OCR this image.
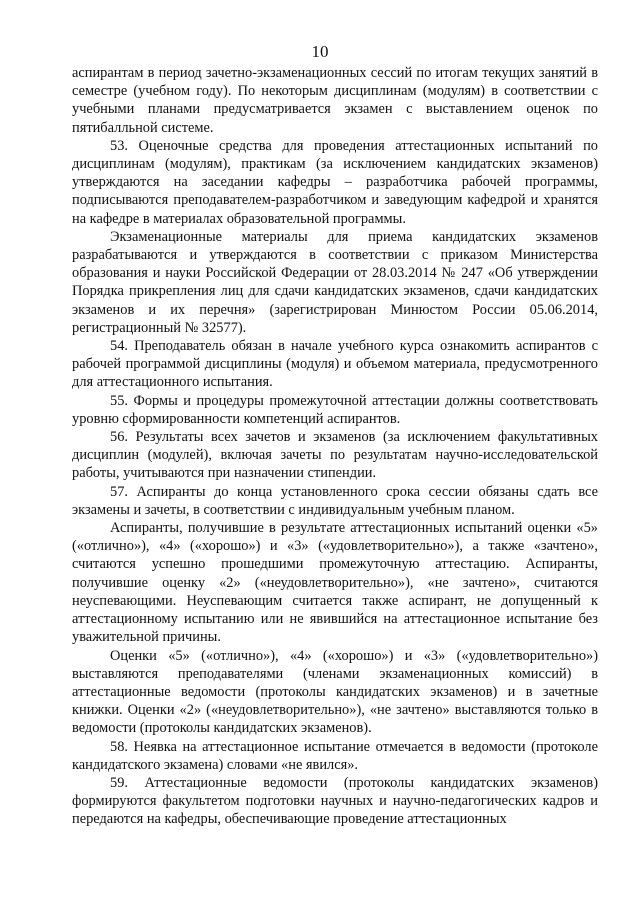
10

аспирантам в период зачетно-экзаменационных сессий по итогам текущих занятий в семестре (учебном году). По некоторым дисциплинам (модулям) в соответствии с учебными планами предусматривается экзамен с выставлением оценок по пятибалльной системе.

53. Оценочные средства для проведения аттестационных испытаний по дисциплинам (модулям), практикам (за исключением кандидатских экзаменов) утверждаются на заседании кафедры – разработчика рабочей программы, подписываются преподавателем-разработчиком и заведующим кафедрой и хранятся на кафедре в материалах образовательной программы.

Экзаменационные материалы для приема кандидатских экзаменов разрабатываются и утверждаются в соответствии с приказом Министерства образования и науки Российской Федерации от 28.03.2014 № 247 «Об утверждении Порядка прикрепления лиц для сдачи кандидатских экзаменов, сдачи кандидатских экзаменов и их перечня» (зарегистрирован Минюстом России 05.06.2014, регистрационный № 32577).

54. Преподаватель обязан в начале учебного курса ознакомить аспирантов с рабочей программой дисциплины (модуля) и объемом материала, предусмотренного для аттестационного испытания.

55. Формы и процедуры промежуточной аттестации должны соответствовать уровню сформированности компетенций аспирантов.

56. Результаты всех зачетов и экзаменов (за исключением факультативных дисциплин (модулей), включая зачеты по результатам научно-исследовательской работы, учитываются при назначении стипендии.

57. Аспиранты до конца установленного срока сессии обязаны сдать все экзамены и зачеты, в соответствии с индивидуальным учебным планом.

Аспиранты, получившие в результате аттестационных испытаний оценки «5» («отлично»), «4» («хорошо») и «3» («удовлетворительно»), а также «зачтено», считаются успешно прошедшими промежуточную аттестацию. Аспиранты, получившие оценку «2» («неудовлетворительно»), «не зачтено», считаются неуспевающими. Неуспевающим считается также аспирант, не допущенный к аттестационному испытанию или не явившийся на аттестационное испытание без уважительной причины.

Оценки «5» («отлично»), «4» («хорошо») и «3» («удовлетворительно») выставляются преподавателями (членами экзаменационных комиссий) в аттестационные ведомости (протоколы кандидатских экзаменов) и в зачетные книжки. Оценки «2» («неудовлетворительно»), «не зачтено» выставляются только в ведомости (протоколы кандидатских экзаменов).

58. Неявка на аттестационное испытание отмечается в ведомости (протоколе кандидатского экзамена) словами «не явился».

59. Аттестационные ведомости (протоколы кандидатских экзаменов) формируются факультетом подготовки научных и научно-педагогических кадров и передаются на кафедры, обеспечивающие проведение аттестационных
